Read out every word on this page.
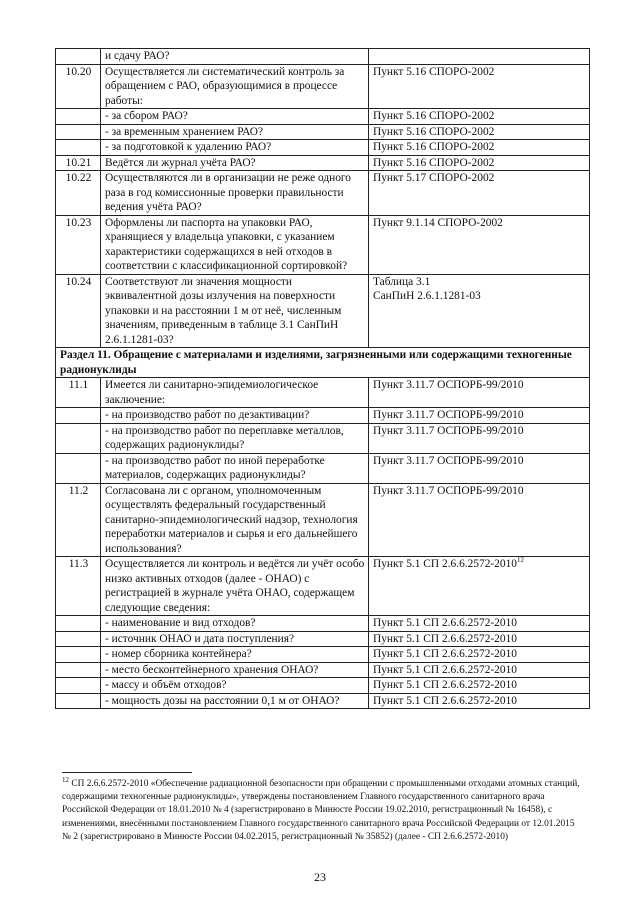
	и сдачу РАО?	
10.20	Осуществляется ли систематический контроль за обращением с РАО, образующимися в процессе работы:	Пункт 5.16 СПОРО-2002
	- за сбором РАО?	Пункт 5.16 СПОРО-2002
	- за временным хранением РАО?	Пункт 5.16 СПОРО-2002
	- за подготовкой к удалению РАО?	Пункт 5.16 СПОРО-2002
10.21	Ведётся ли журнал учёта РАО?	Пункт 5.16 СПОРО-2002
10.22	Осуществляются ли в организации не реже одного раза в год комиссионные проверки правильности ведения учёта РАО?	Пункт 5.17 СПОРО-2002
10.23	Оформлены ли паспорта на упаковки РАО, хранящиеся у владельца упаковки, с указанием характеристики содержащихся в ней отходов в соответствии с классификационной сортировкой?	Пункт 9.1.14 СПОРО-2002
10.24	Соответствуют ли значения мощности эквивалентной дозы излучения на поверхности упаковки и на расстоянии 1 м от неё, численным значениям, приведенным в таблице 3.1 СанПиН 2.6.1.1281-03?	Таблица 3.1
СанПиН 2.6.1.1281-03

Раздел 11. Обращение с материалами и изделиями, загрязненными или содержащими техногенные радионуклиды		
11.1	Имеется ли санитарно-эпидемиологическое заключение:	Пункт 3.11.7 ОСПОРБ-99/2010
	- на производство работ по дезактивации?	Пункт 3.11.7 ОСПОРБ-99/2010
	- на производство работ по переплавке металлов, содержащих радионуклиды?	Пункт 3.11.7 ОСПОРБ-99/2010
	- на производство работ по иной переработке материалов, содержащих радионуклиды?	Пункт 3.11.7 ОСПОРБ-99/2010
11.2	Согласована ли с органом, уполномоченным осуществлять федеральный государственный санитарно-эпидемиологический надзор, технология переработки материалов и сырья и его дальнейшего использования?	Пункт 3.11.7 ОСПОРБ-99/2010
11.3	Осуществляется ли контроль и ведётся ли учёт особо низко активных отходов (далее - ОНАО) с регистрацией в журнале учёта ОНАО, содержащем следующие сведения:	Пункт 5.1 СП 2.6.6.2572-2010$^{12}$
	- наименование и вид отходов?	Пункт 5.1 СП 2.6.6.2572-2010
	- источник ОНАО и дата поступления?	Пункт 5.1 СП 2.6.6.2572-2010
	- номер сборника контейнера?	Пункт 5.1 СП 2.6.6.2572-2010
	- место бесконтейнерного хранения ОНАО?	Пункт 5.1 СП 2.6.6.2572-2010
	- массу и объём отходов?	Пункт 5.1 СП 2.6.6.2572-2010
	- мощность дозы на расстоянии 0,1 м от ОНАО?	Пункт 5.1 СП 2.6.6.2572-2010
$^{12}$ СП 2.6.6.2572-2010 «Обеспечение радиационной безопасности при обращении с промышленными отходами атомных станций, содержащими техногенные радионуклиды», утверждены постановлением Главного государственного санитарного врача Российской Федерации от 18.01.2010 № 4 (зарегистрировано в Минюсте России 19.02.2010, регистрационный № 16458), с изменениями, внесёнными постановлением Главного государственного санитарного врача Российской Федерации от 12.01.2015 № 2 (зарегистрировано в Минюсте России 04.02.2015, регистрационный № 35852) (далее - СП 2.6.6.2572-2010)
23
